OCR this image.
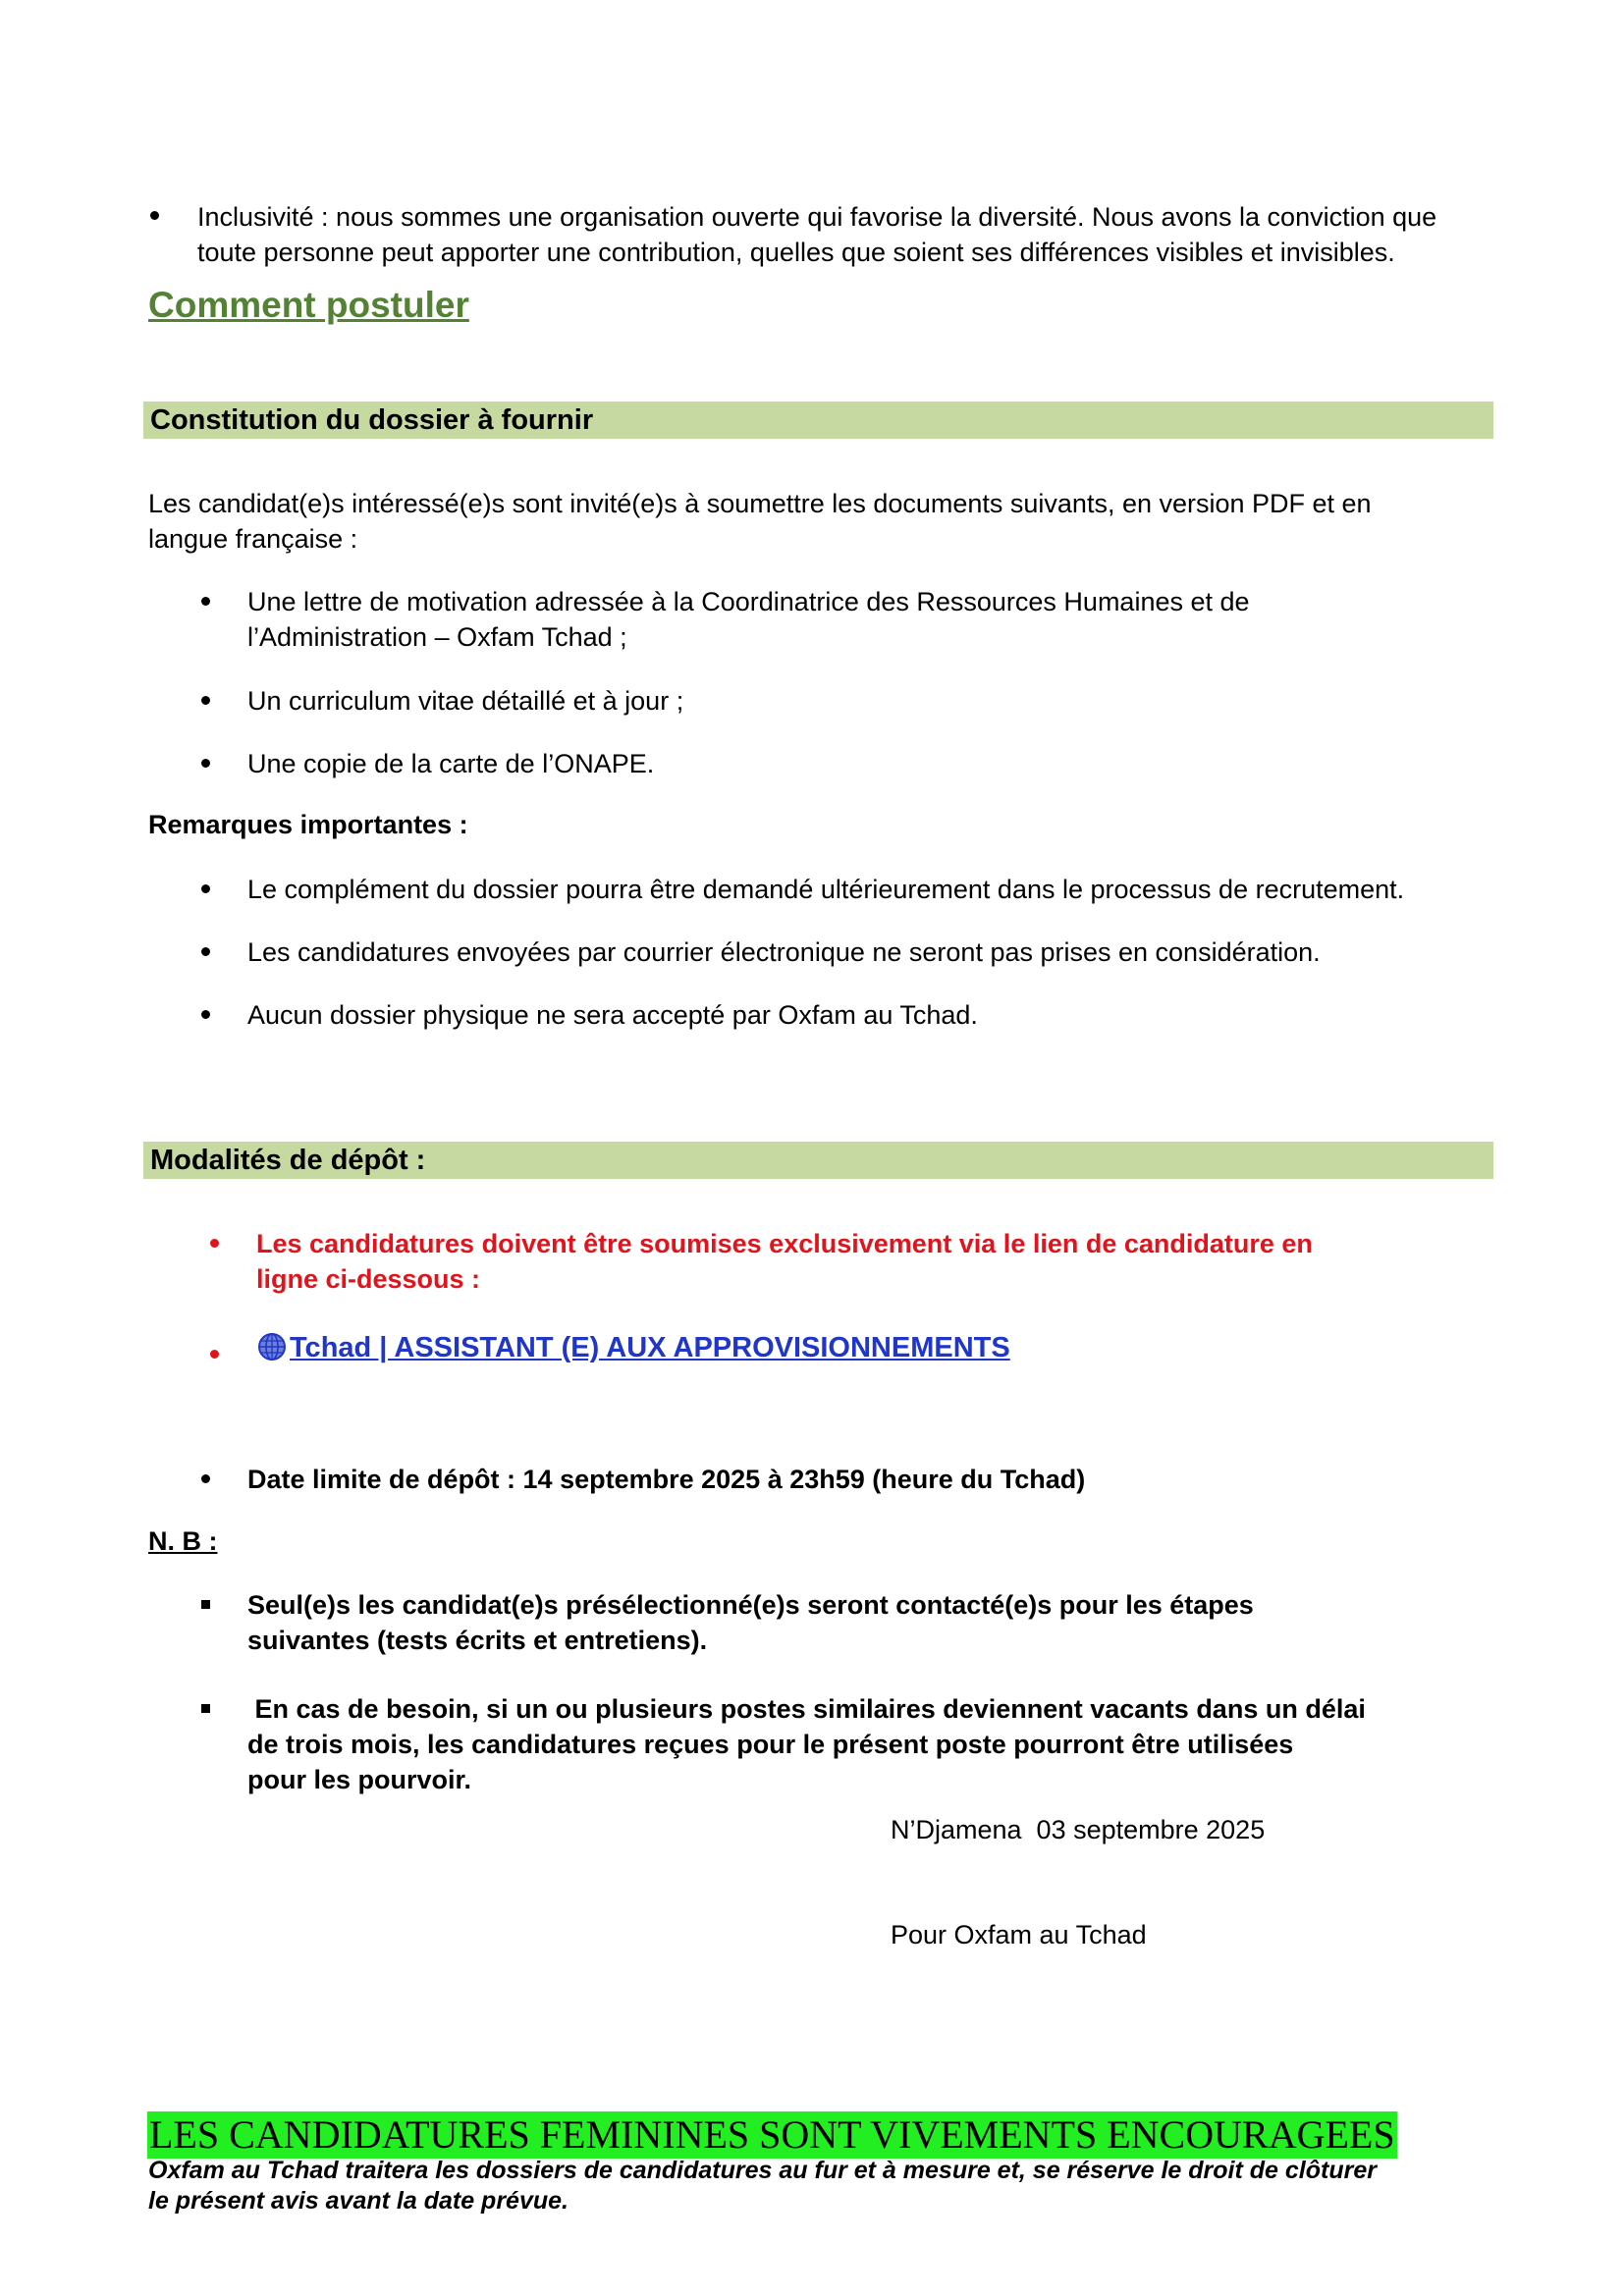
Inclusivité : nous sommes une organisation ouverte qui favorise la diversité. Nous avons la conviction que
toute personne peut apporter une contribution, quelles que soient ses différences visibles et invisibles.
Comment postuler
Constitution du dossier à fournir
Les candidat(e)s intéressé(e)s sont invité(e)s à soumettre les documents suivants, en version PDF et en
langue française :
Une lettre de motivation adressée à la Coordinatrice des Ressources Humaines et de
l’Administration – Oxfam Tchad ;
Un curriculum vitae détaillé et à jour ;
Une copie de la carte de l’ONAPE.
Remarques importantes :
Le complément du dossier pourra être demandé ultérieurement dans le processus de recrutement.
Les candidatures envoyées par courrier électronique ne seront pas prises en considération.
Aucun dossier physique ne sera accepté par Oxfam au Tchad.
Modalités de dépôt :
Les candidatures doivent être soumises exclusivement via le lien de candidature en
ligne ci-dessous :
Tchad | ASSISTANT (E) AUX APPROVISIONNEMENTS
Date limite de dépôt : 14 septembre 2025 à 23h59 (heure du Tchad)
N. B :
Seul(e)s les candidat(e)s présélectionné(e)s seront contacté(e)s pour les étapes
suivantes (tests écrits et entretiens).
En cas de besoin, si un ou plusieurs postes similaires deviennent vacants dans un délai
de trois mois, les candidatures reçues pour le présent poste pourront être utilisées
pour les pourvoir.
N’Djamena  03 septembre 2025
Pour Oxfam au Tchad
LES CANDIDATURES FEMININES SONT VIVEMENTS ENCOURAGEES
Oxfam au Tchad traitera les dossiers de candidatures au fur et à mesure et, se réserve le droit de clôturer
le présent avis avant la date prévue.
